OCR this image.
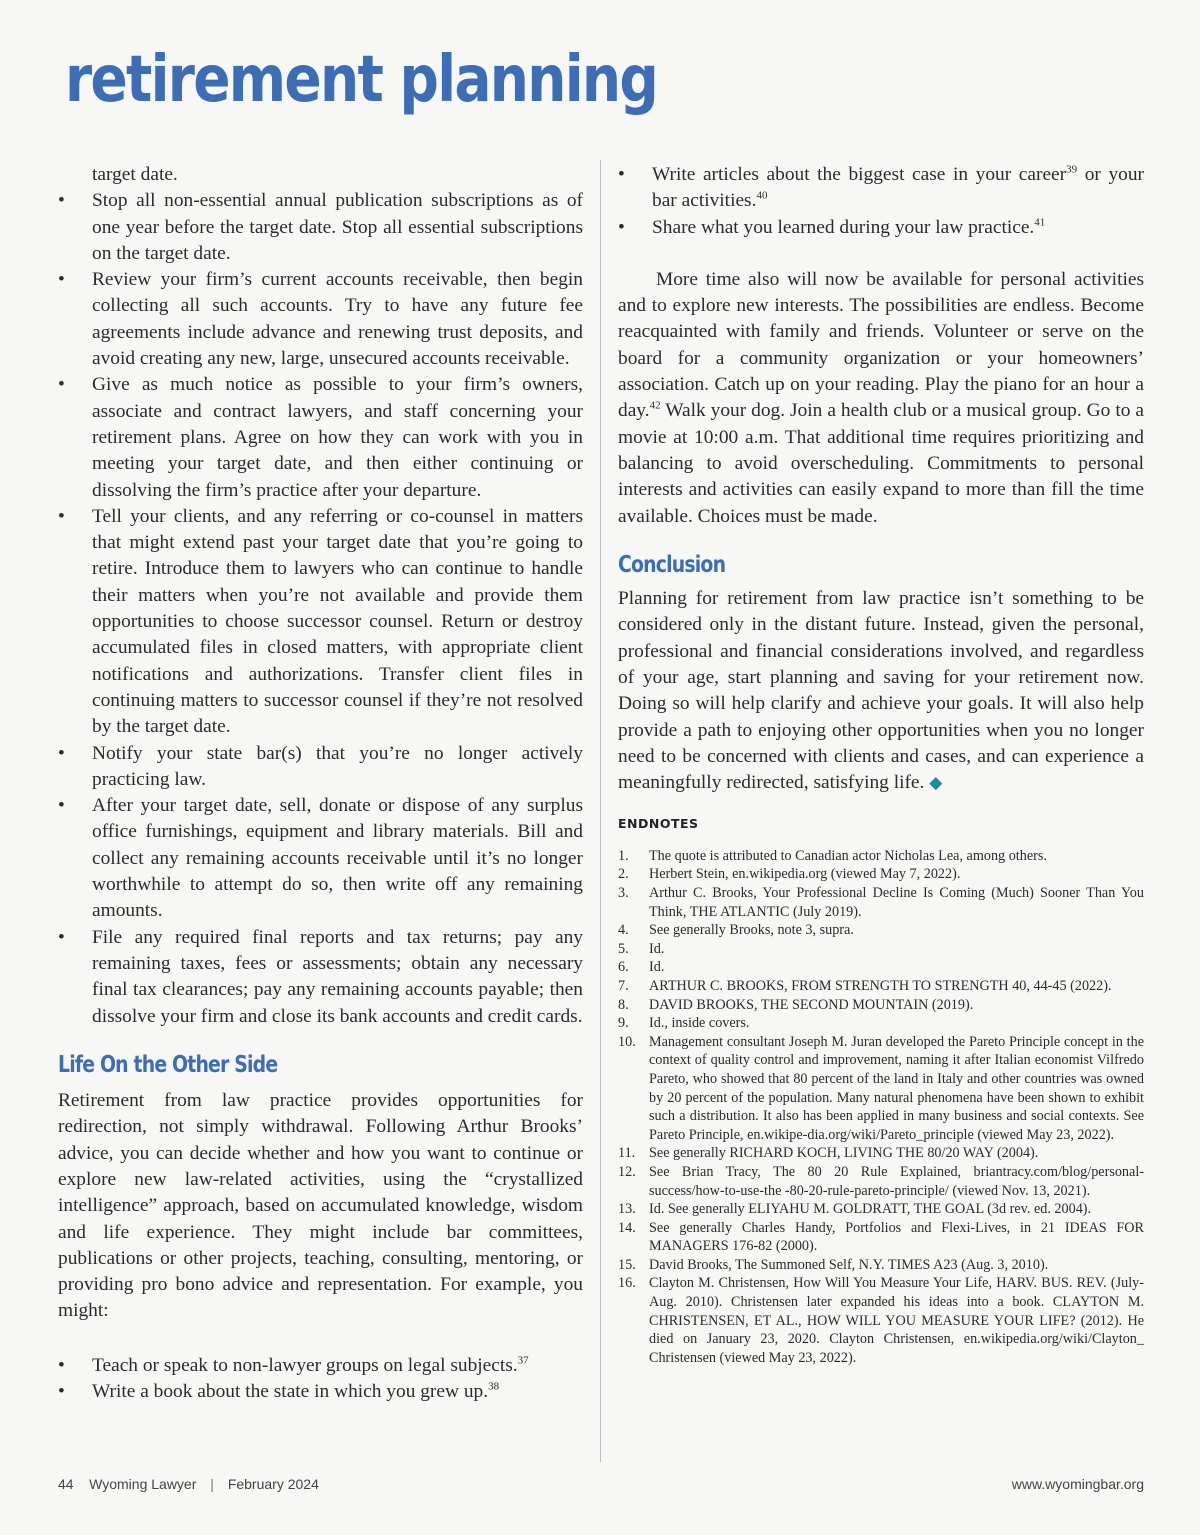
retirement planning
target date.
• Stop all non-essential annual publication subscriptions as of one year before the target date. Stop all essential subscriptions on the target date.
• Review your firm’s current accounts receivable, then begin collecting all such accounts. Try to have any future fee agreements include advance and renewing trust deposits, and avoid creating any new, large, unsecured accounts receivable.
• Give as much notice as possible to your firm’s owners, associate and contract lawyers, and staff concerning your retirement plans. Agree on how they can work with you in meeting your target date, and then either continuing or dissolving the firm’s practice after your departure.
• Tell your clients, and any referring or co-counsel in matters that might extend past your target date that you’re going to retire. Introduce them to lawyers who can continue to handle their matters when you’re not available and provide them opportunities to choose successor counsel. Return or destroy accumulated files in closed matters, with appropriate client notifications and authorizations. Transfer client files in continuing matters to successor counsel if they’re not resolved by the target date.
• Notify your state bar(s) that you’re no longer actively practicing law.
• After your target date, sell, donate or dispose of any surplus office furnishings, equipment and library materials. Bill and collect any remaining accounts receivable until it’s no longer worthwhile to attempt do so, then write off any remaining amounts.
• File any required final reports and tax returns; pay any remaining taxes, fees or assessments; obtain any necessary final tax clearances; pay any remaining accounts payable; then dissolve your firm and close its bank accounts and credit cards.
Life On the Other Side

Retirement from law practice provides opportunities for redirection, not simply withdrawal. Following Arthur Brooks’ advice, you can decide whether and how you want to continue or explore new law-related activities, using the “crystallized intelligence” approach, based on accumulated knowledge, wisdom and life experience. They might include bar committees, publications or other projects, teaching, consulting, mentoring, or providing pro bono advice and representation. For example, you might:

• Teach or speak to non-lawyer groups on legal subjects.$^{37}$
• Write a book about the state in which you grew up.$^{38}$
• Write articles about the biggest case in your career$^{39}$ or your bar activities.$^{40}$
• Share what you learned during your law practice.$^{41}$

More time also will now be available for personal activities and to explore new interests. The possibilities are endless. Become reacquainted with family and friends. Volunteer or serve on the board for a community organization or your homeowners’ association. Catch up on your reading. Play the piano for an hour a day.$^{42}$ Walk your dog. Join a health club or a musical group. Go to a movie at 10:00 a.m. That additional time requires prioritizing and balancing to avoid overscheduling. Commitments to personal interests and activities can easily expand to more than fill the time available. Choices must be made.

Conclusion

Planning for retirement from law practice isn’t something to be considered only in the distant future. Instead, given the personal, professional and financial considerations involved, and regardless of your age, start planning and saving for your retirement now. Doing so will help clarify and achieve your goals. It will also help provide a path to enjoying other opportunities when you no longer need to be concerned with clients and cases, and can experience a meaningfully redirected, satisfying life. ◆

ENDNOTES
1. The quote is attributed to Canadian actor Nicholas Lea, among others.
2. Herbert Stein, en.wikipedia.org (viewed May 7, 2022).
3. Arthur C. Brooks, Your Professional Decline Is Coming (Much) Sooner Than You Think, THE ATLANTIC (July 2019).
4. See generally Brooks, note 3, supra.
5. Id.
6. Id.
7. ARTHUR C. BROOKS, FROM STRENGTH TO STRENGTH 40, 44-45 (2022).
8. DAVID BROOKS, THE SECOND MOUNTAIN (2019).
9. Id., inside covers.
10. Management consultant Joseph M. Juran developed the Pareto Principle concept in the context of quality control and improvement, naming it after Italian economist Vilfredo Pareto, who showed that 80 percent of the land in Italy and other countries was owned by 20 percent of the population. Many natural phenomena have been shown to exhibit such a distribution. It also has been applied in many business and social contexts. See Pareto Principle, en.wikipe-dia.org/wiki/Pareto_principle (viewed May 23, 2022).
11. See generally RICHARD KOCH, LIVING THE 80/20 WAY (2004).
12. See Brian Tracy, The 80 20 Rule Explained, briantracy.com/blog/personal-success/how-to-use-the -80-20-rule-pareto-principle/ (viewed Nov. 13, 2021).
13. Id. See generally ELIYAHU M. GOLDRATT, THE GOAL (3d rev. ed. 2004).
14. See generally Charles Handy, Portfolios and Flexi-Lives, in 21 IDEAS FOR MANAGERS 176-82 (2000).
15. David Brooks, The Summoned Self, N.Y. TIMES A23 (Aug. 3, 2010).
16. Clayton M. Christensen, How Will You Measure Your Life, HARV. BUS. REV. (July-Aug. 2010). Christensen later expanded his ideas into a book. CLAYTON M. CHRISTENSEN, ET AL., HOW WILL YOU MEASURE YOUR LIFE? (2012). He died on January 23, 2020. Clayton Christensen, en.wikipedia.org/wiki/Clayton_ Christensen (viewed May 23, 2022).
44 Wyoming Lawyer | February 2024	www.wyomingbar.org
